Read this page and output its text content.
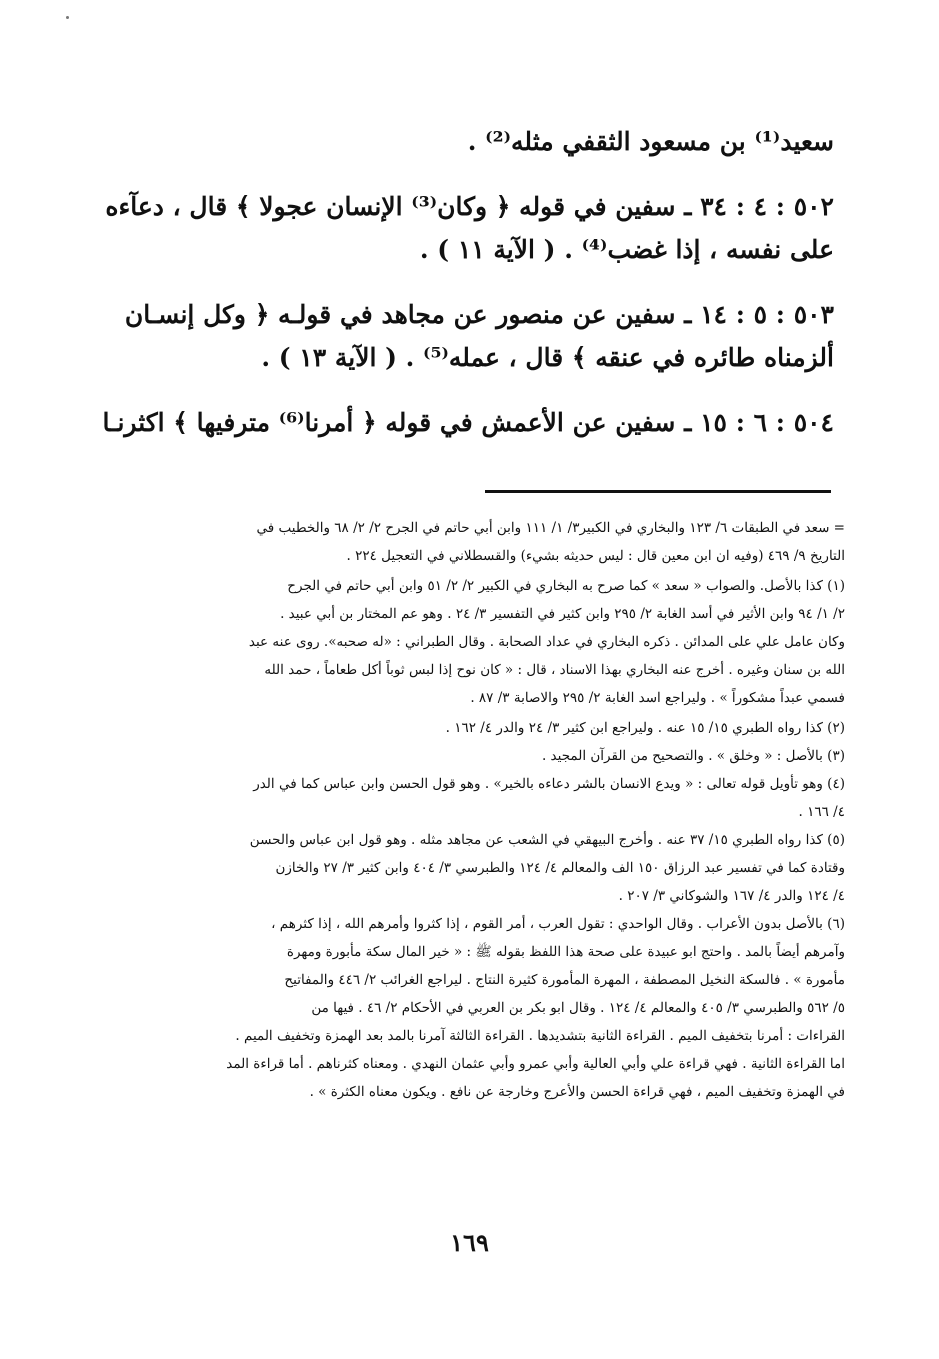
سعيد⁽¹⁾ بن مسعود الثقفي مثله⁽²⁾ .

٥٠٢ : ٤ : ٣٤ ـ سفين في قوله ﴿ وكان⁽³⁾ الإنسان عجولا ﴾ قال ، دعآءه

على نفسه ، إذا غضب⁽⁴⁾ . ( الآية ١١ ) .

٥٠٣ : ٥ : ١٤ ـ سفين عن منصور عن مجاهد في قولـه ﴿ وكل إنسـان

ألزمناه طائره في عنقه ﴾ قال ، عمله⁽⁵⁾ . ( الآية ١٣ ) .

٥٠٤ : ٦ : ١٥ ـ سفين عن الأعمش في قوله ﴿ أمرنا⁽⁶⁾ مترفيها ﴾ اكثرنـا

= سعد في الطبقات ٦/ ١٢٣ والبخاري في الكبير٣/ ١/ ١١١ وابن أبي حاتم في الجرح ٢/ ٢/ ٦٨ والخطيب في

التاريخ ٩/ ٤٦٩ (وفيه ان ابن معين قال : ليس حديثه بشيء) والقسطلاني في التعجيل ٢٢٤ .

(١) كذا بالأصل. والصواب « سعد » كما صرح به البخاري في الكبير ٢/ ٢/ ٥١ وابن أبي حاتم في الجرح

٢/ ١/ ٩٤ وابن الأثير في أسد الغابة ٢/ ٢٩٥ وابن كثير في التفسير ٣/ ٢٤ . وهو عم المختار بن أبي عبيد .

وكان عامل علي على المدائن . ذكره البخاري في عداد الصحابة . وقال الطبراني : «له صحبه». روى عنه عبد

الله بن سنان وغيره . أخرج عنه البخاري بهذا الاسناد ، قال : « كان نوح إذا لبس ثوباً أكل طعاماً ، حمد الله

فسمي عبداً مشكوراً » . وليراجع اسد الغابة ٢/ ٢٩٥ والاصابة ٣/ ٨٧ .

(٢) كذا رواه الطبري ١٥/ ١٥ عنه . وليراجع ابن كثير ٣/ ٢٤ والدر ٤/ ١٦٢ .

(٣) بالأصل : « وخلق » . والتصحيح من القرآن المجيد .

(٤) وهو تأويل قوله تعالى : « ويدع الانسان بالشر دعاءه بالخير» . وهو قول الحسن وابن عباس كما في الدر

٤/ ١٦٦ .

(٥) كذا رواه الطبري ١٥/ ٣٧ عنه . وأخرج البيهقي في الشعب عن مجاهد مثله . وهو قول ابن عباس والحسن

وقتادة كما في تفسير عبد الرزاق ١٥٠ الف والمعالم ٤/ ١٢٤ والطبرسي ٣/ ٤٠٤ وابن كثير ٣/ ٢٧ والخازن

٤/ ١٢٤ والدر ٤/ ١٦٧ والشوكاني ٣/ ٢٠٧ .

(٦) بالأصل بدون الأعراب . وقال الواحدي : تقول العرب ، أمر القوم ، إذا كثروا وأمرهم الله ، إذا كثرهم ،

وآمرهم أيضاً بالمد . واحتج ابو عبيدة على صحة هذا اللفظ بقوله ﷺ : « خير المال سكة مأبورة ومهرة

مأمورة » . فالسكة النخيل المصطفة ، المهرة المأمورة كثيرة النتاج . ليراجع الغرائب ٢/ ٤٤٦ والمفاتيح

٥/ ٥٦٢ والطبرسي ٣/ ٤٠٥ والمعالم ٤/ ١٢٤ . وقال ابو بكر بن العربي في الأحكام ٢/ ٤٦ . فيها من

القراءات : أمرنا بتخفيف الميم . القراءة الثانية بتشديدها . القراءة الثالثة آمرنا بالمد بعد الهمزة وتخفيف الميم .

اما القراءة الثانية . فهي قراءة علي وأبي العالية وأبي عمرو وأبي عثمان النهدي . ومعناه كثرناهم . أما قراءة المد

في الهمزة وتخفيف الميم ، فهي قراءة الحسن والأعرج وخارجة عن نافع . ويكون معناه الكثرة » .

١٦٩
